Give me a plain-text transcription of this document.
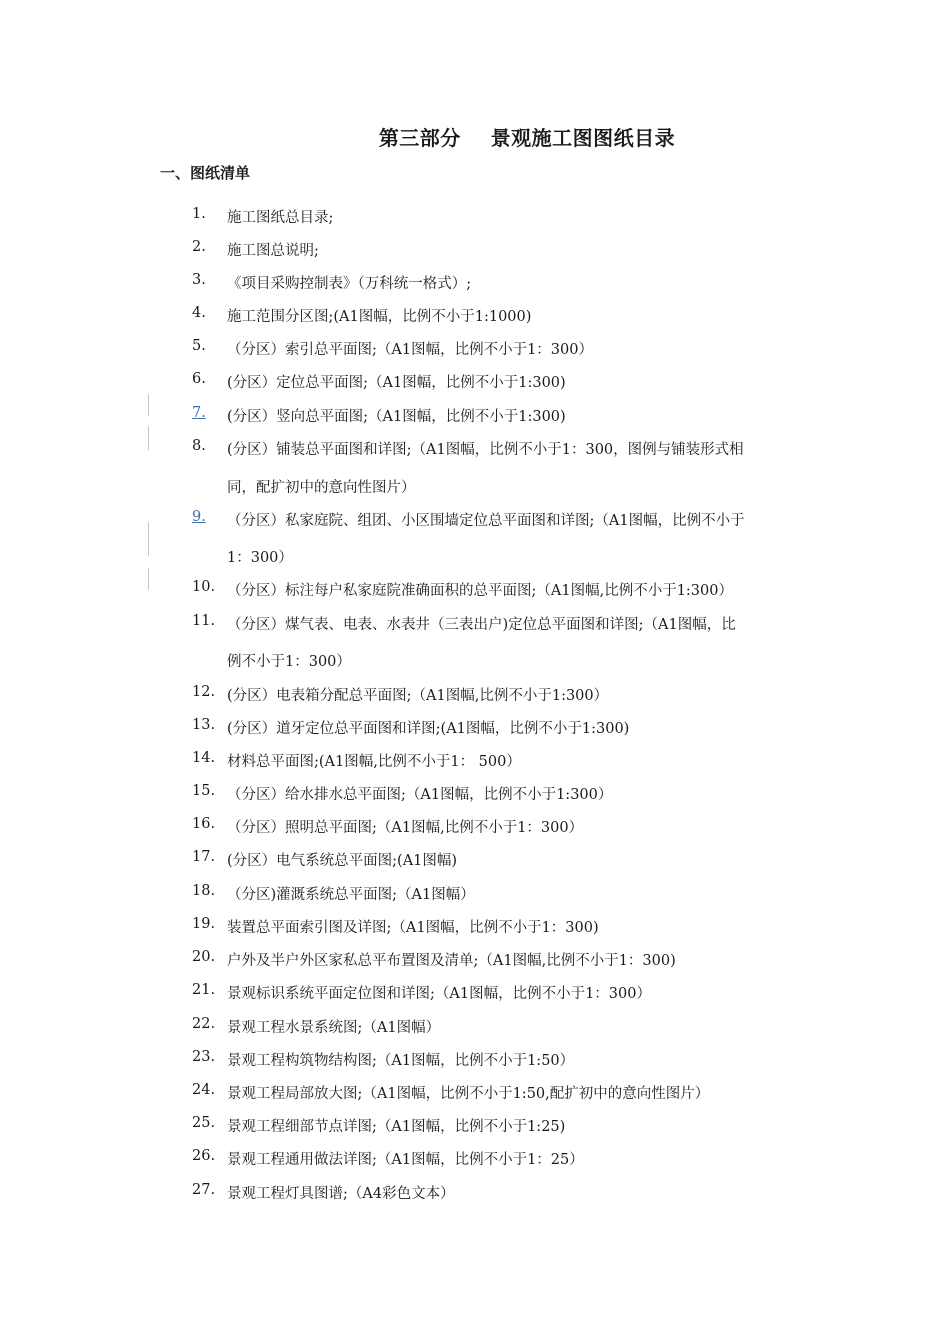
第三部分    景观施工图图纸目录
一、图纸清单
1. 施工图纸总目录;
2. 施工图总说明;
3. 《项目采购控制表》（万科统一格式）;
4. 施工范围分区图;(A1图幅，比例不小于1:1000)
5. （分区）索引总平面图;（A1图幅，比例不小于1：300）
6. (分区）定位总平面图;（A1图幅，比例不小于1:300)
7. (分区）竖向总平面图;（A1图幅，比例不小于1:300)
8. (分区）铺装总平面图和详图;（A1图幅，比例不小于1：300，图例与铺装形式相
同，配扩初中的意向性图片）
9. （分区）私家庭院、组团、小区围墙定位总平面图和详图;（A1图幅，比例不小于
1：300）
10. （分区）标注每户私家庭院准确面积的总平面图;（A1图幅,比例不小于1:300）
11. （分区）煤气表、电表、水表井（三表出户)定位总平面图和详图;（A1图幅，比
例不小于1：300）
12. (分区）电表箱分配总平面图;（A1图幅,比例不小于1:300）
13. (分区）道牙定位总平面图和详图;(A1图幅，比例不小于1:300)
14. 材料总平面图;(A1图幅,比例不小于1： 500）
15. （分区）给水排水总平面图;（A1图幅，比例不小于1:300）
16. （分区）照明总平面图;（A1图幅,比例不小于1：300）
17. (分区）电气系统总平面图;(A1图幅)
18. （分区)灌溉系统总平面图;（A1图幅）
19. 装置总平面索引图及详图;（A1图幅，比例不小于1：300)
20. 户外及半户外区家私总平布置图及清单;（A1图幅,比例不小于1：300)
21. 景观标识系统平面定位图和详图;（A1图幅，比例不小于1：300）
22. 景观工程水景系统图;（A1图幅）
23. 景观工程构筑物结构图;（A1图幅，比例不小于1:50）
24. 景观工程局部放大图;（A1图幅，比例不小于1:50,配扩初中的意向性图片）
25. 景观工程细部节点详图;（A1图幅，比例不小于1:25)
26. 景观工程通用做法详图;（A1图幅，比例不小于1：25）
27. 景观工程灯具图谱;（A4彩色文本）
